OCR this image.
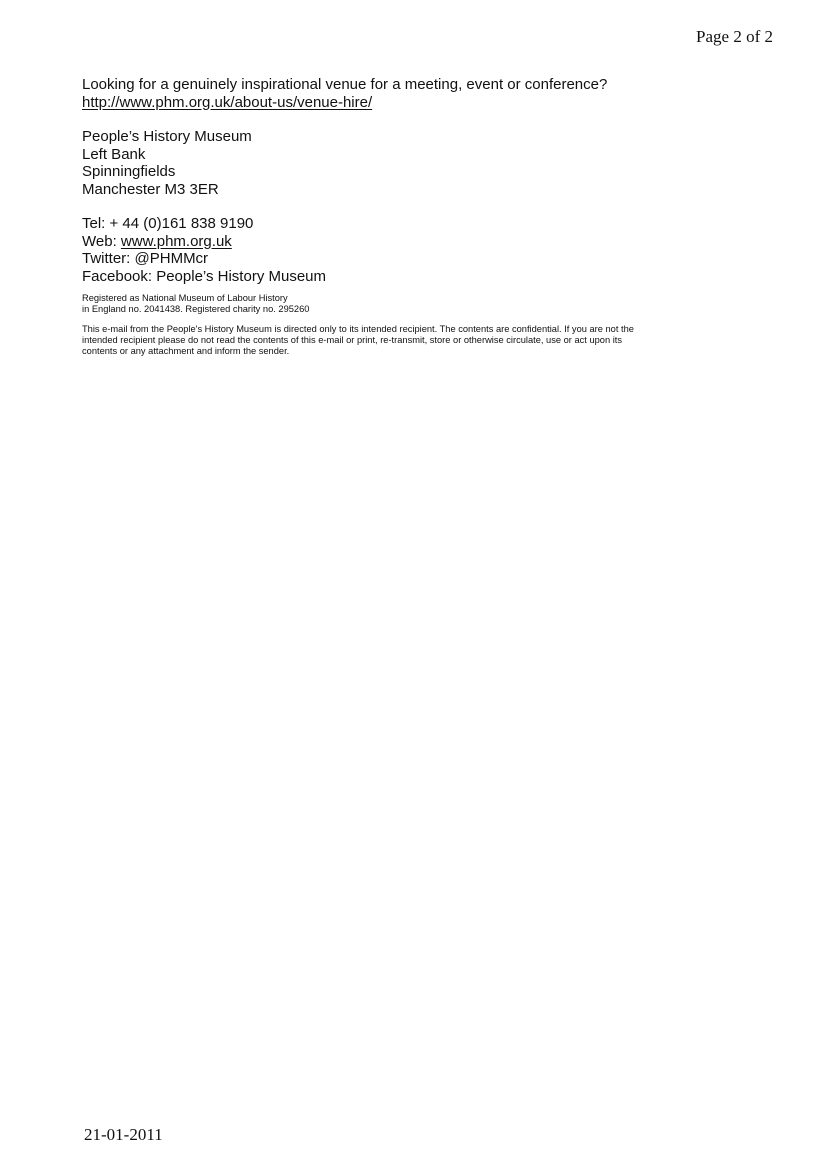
Page 2 of 2
Looking for a genuinely inspirational venue for a meeting, event or conference?
http://www.phm.org.uk/about-us/venue-hire/
People’s History Museum
Left Bank
Spinningfields
Manchester M3 3ER
Tel: + 44 (0)161 838 9190
Web: www.phm.org.uk
Twitter: @PHMMcr
Facebook: People’s History Museum
Registered as National Museum of Labour History
in England no. 2041438. Registered charity no. 295260
This e-mail from the People's History Museum is directed only to its intended recipient. The contents are confidential. If you are not the
intended recipient please do not read the contents of this e-mail or print, re-transmit, store or otherwise circulate, use or act upon its
contents or any attachment and inform the sender.
21-01-2011
